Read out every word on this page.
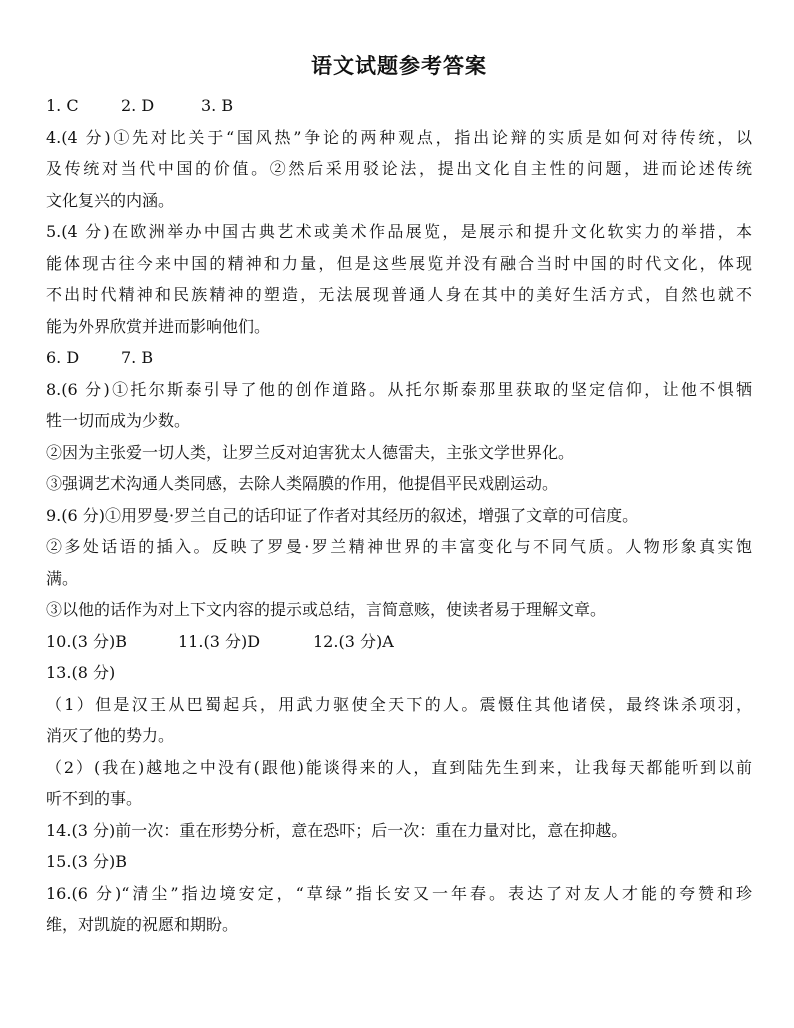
语文试题参考答案
1. C	2. D	3. B
4.(4 分)①先对比关于“国风热”争论的两种观点，指出论辩的实质是如何对待传统，以
及传统对当代中国的价值。②然后采用驳论法，提出文化自主性的问题，进而论述传统
文化复兴的内涵。
5.(4 分)在欧洲举办中国古典艺术或美术作品展览，是展示和提升文化软实力的举措，本
能体现古往今来中国的精神和力量，但是这些展览并没有融合当时中国的时代文化，体现
不出时代精神和民族精神的塑造，无法展现普通人身在其中的美好生活方式，自然也就不
能为外界欣赏并进而影响他们。
6. D	7. B
8.(6 分)①托尔斯泰引导了他的创作道路。从托尔斯泰那里获取的坚定信仰，让他不惧牺
牲一切而成为少数。
②因为主张爱一切人类，让罗兰反对迫害犹太人德雷夫，主张文学世界化。
③强调艺术沟通人类同感，去除人类隔膜的作用，他提倡平民戏剧运动。
9.(6 分)①用罗曼·罗兰自己的话印证了作者对其经历的叙述，增强了文章的可信度。
②多处话语的插入。反映了罗曼·罗兰精神世界的丰富变化与不同气质。人物形象真实饱
满。
③以他的话作为对上下文内容的提示或总结，言简意赅，使读者易于理解文章。
10.(3 分)B	11.(3 分)D	12.(3 分)A
13.(8 分)
（1）但是汉王从巴蜀起兵，用武力驱使全天下的人。震慑住其他诸侯，最终诛杀项羽，
消灭了他的势力。
（2）(我在)越地之中没有(跟他)能谈得来的人，直到陆先生到来，让我每天都能听到以前
听不到的事。
14.(3 分)前一次：重在形势分析，意在恐吓；后一次：重在力量对比，意在抑越。
15.(3 分)B
16.(6 分)“清尘”指边境安定，“草绿”指长安又一年春。表达了对友人才能的夸赞和珍
维，对凯旋的祝愿和期盼。
